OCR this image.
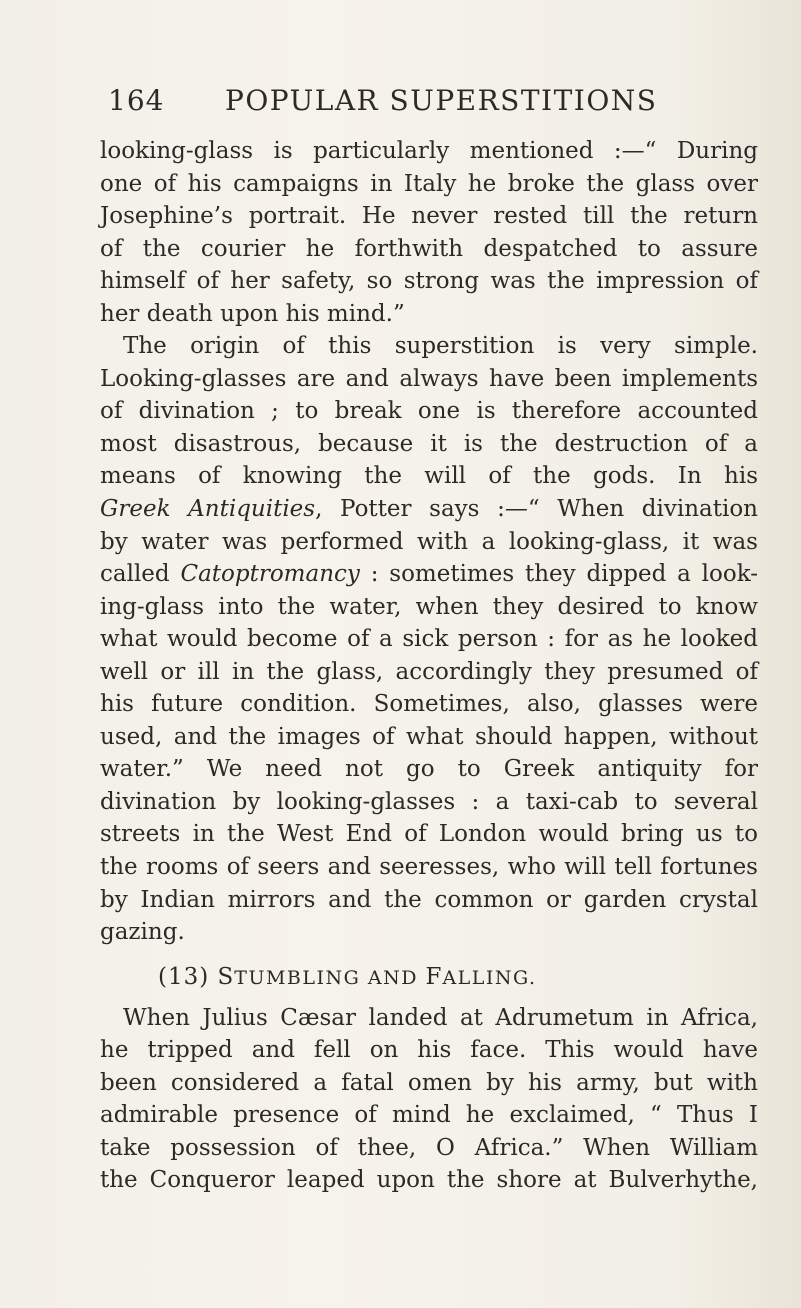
164 POPULAR SUPERSTITIONS
looking-glass is particularly mentioned :—“ During
one of his campaigns in Italy he broke the glass over
Josephine’s portrait. He never rested till the return
of the courier he forthwith despatched to assure
himself of her safety, so strong was the impression of
her death upon his mind.”
The origin of this superstition is very simple.
Looking-glasses are and always have been implements
of divination ; to break one is therefore accounted
most disastrous, because it is the destruction of a
means of knowing the will of the gods. In his
Greek Antiquities, Potter says :—“ When divination
by water was performed with a looking-glass, it was
called Catoptromancy : sometimes they dipped a look-
ing-glass into the water, when they desired to know
what would become of a sick person : for as he looked
well or ill in the glass, accordingly they presumed of
his future condition. Sometimes, also, glasses were
used, and the images of what should happen, without
water.” We need not go to Greek antiquity for
divination by looking-glasses : a taxi-cab to several
streets in the West End of London would bring us to
the rooms of seers and seeresses, who will tell fortunes
by Indian mirrors and the common or garden crystal
gazing.
(13) STUMBLING AND FALLING.
When Julius Cæsar landed at Adrumetum in Africa,
he tripped and fell on his face. This would have
been considered a fatal omen by his army, but with
admirable presence of mind he exclaimed, “ Thus I
take possession of thee, O Africa.” When William
the Conqueror leaped upon the shore at Bulverhythe,
